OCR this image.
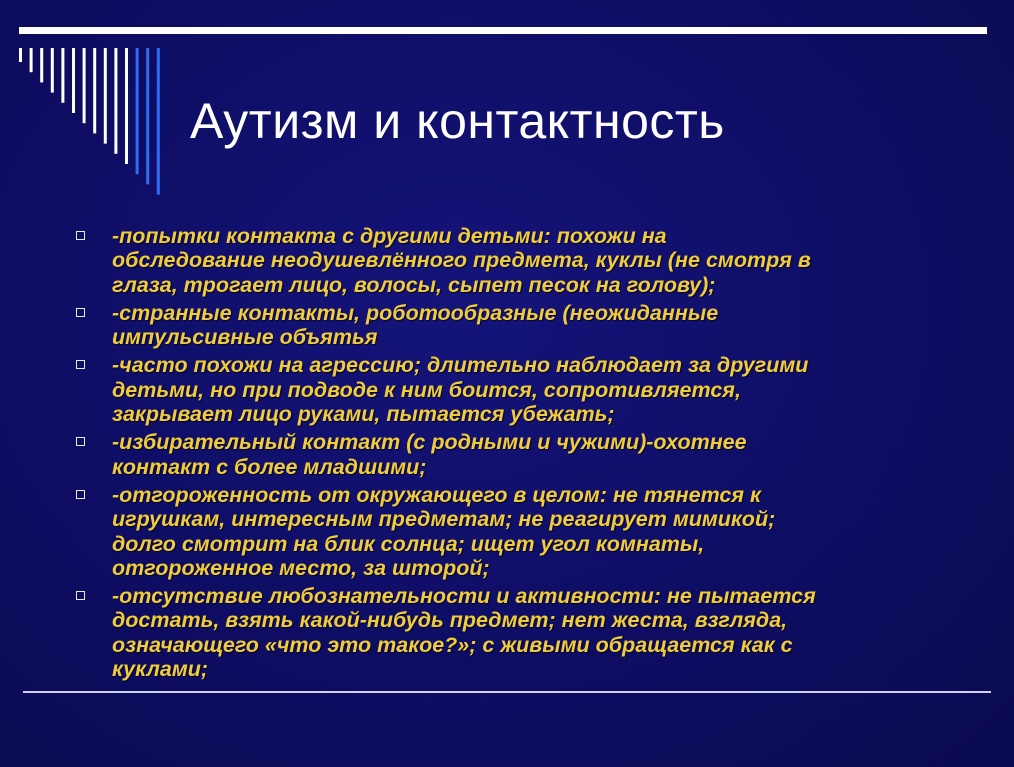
Аутизм и контактность
-попытки контакта с другими детьми: похожи на
обследование неодушевлённого предмета, куклы (не смотря в
глаза, трогает лицо, волосы, сыпет песок на голову);
-странные контакты, роботообразные (неожиданные
импульсивные объятья
-часто похожи на агрессию; длительно наблюдает за другими
детьми, но при подводе к ним боится, сопротивляется,
закрывает лицо руками, пытается убежать;
-избирательный контакт (с родными и чужими)-охотнее
контакт с более младшими;
-отгороженность от окружающего в целом: не тянется к
игрушкам, интересным предметам; не реагирует мимикой;
долго смотрит на блик солнца; ищет угол комнаты,
отгороженное место, за шторой;
-отсутствие любознательности и активности: не пытается
достать, взять какой-нибудь предмет; нет жеста, взгляда,
означающего «что это такое?»; с живыми обращается как с
куклами;
